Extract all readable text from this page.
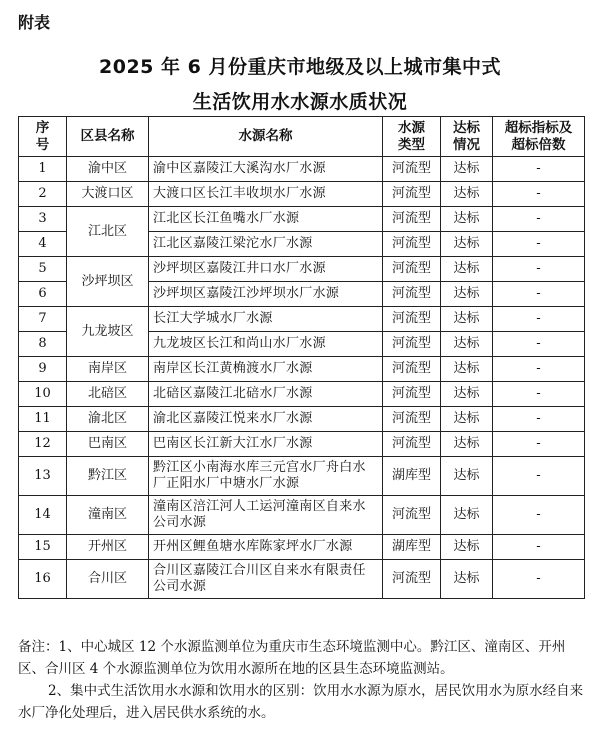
附表
2025 年 6 月份重庆市地级及以上城市集中式
生活饮用水水源水质状况
序号	区县名称	水源名称	水源类型	达标情况	超标指标及超标倍数
1	渝中区	渝中区嘉陵江大溪沟水厂水源	河流型	达标	-
2	大渡口区	大渡口区长江丰收坝水厂水源	河流型	达标	-
3	江北区	江北区长江鱼嘴水厂水源	河流型	达标	-
4		江北区嘉陵江梁沱水厂水源	河流型	达标	-
5	沙坪坝区	沙坪坝区嘉陵江井口水厂水源	河流型	达标	-
6		沙坪坝区嘉陵江沙坪坝水厂水源	河流型	达标	-
7	九龙坡区	长江大学城水厂水源	河流型	达标	-
8		九龙坡区长江和尚山水厂水源	河流型	达标	-
9	南岸区	南岸区长江黄桷渡水厂水源	河流型	达标	-
10	北碚区	北碚区嘉陵江北碚水厂水源	河流型	达标	-
11	渝北区	渝北区嘉陵江悦来水厂水源	河流型	达标	-
12	巴南区	巴南区长江新大江水厂水源	河流型	达标	-
13	黔江区	黔江区小南海水库三元宫水厂舟白水厂正阳水厂中塘水厂水源	湖库型	达标	-
14	潼南区	潼南区涪江河人工运河潼南区自来水公司水源	河流型	达标	-
15	开州区	开州区鲤鱼塘水库陈家坪水厂水源	湖库型	达标	-
16	合川区	合川区嘉陵江合川区自来水有限责任公司水源	河流型	达标	-
备注：1、中心城区 12 个水源监测单位为重庆市生态环境监测中心。黔江区、潼南区、开州区、合川区 4 个水源监测单位为饮用水源所在地的区县生态环境监测站。
2、集中式生活饮用水水源和饮用水的区别：饮用水水源为原水，居民饮用水为原水经自来水厂净化处理后，进入居民供水系统的水。
